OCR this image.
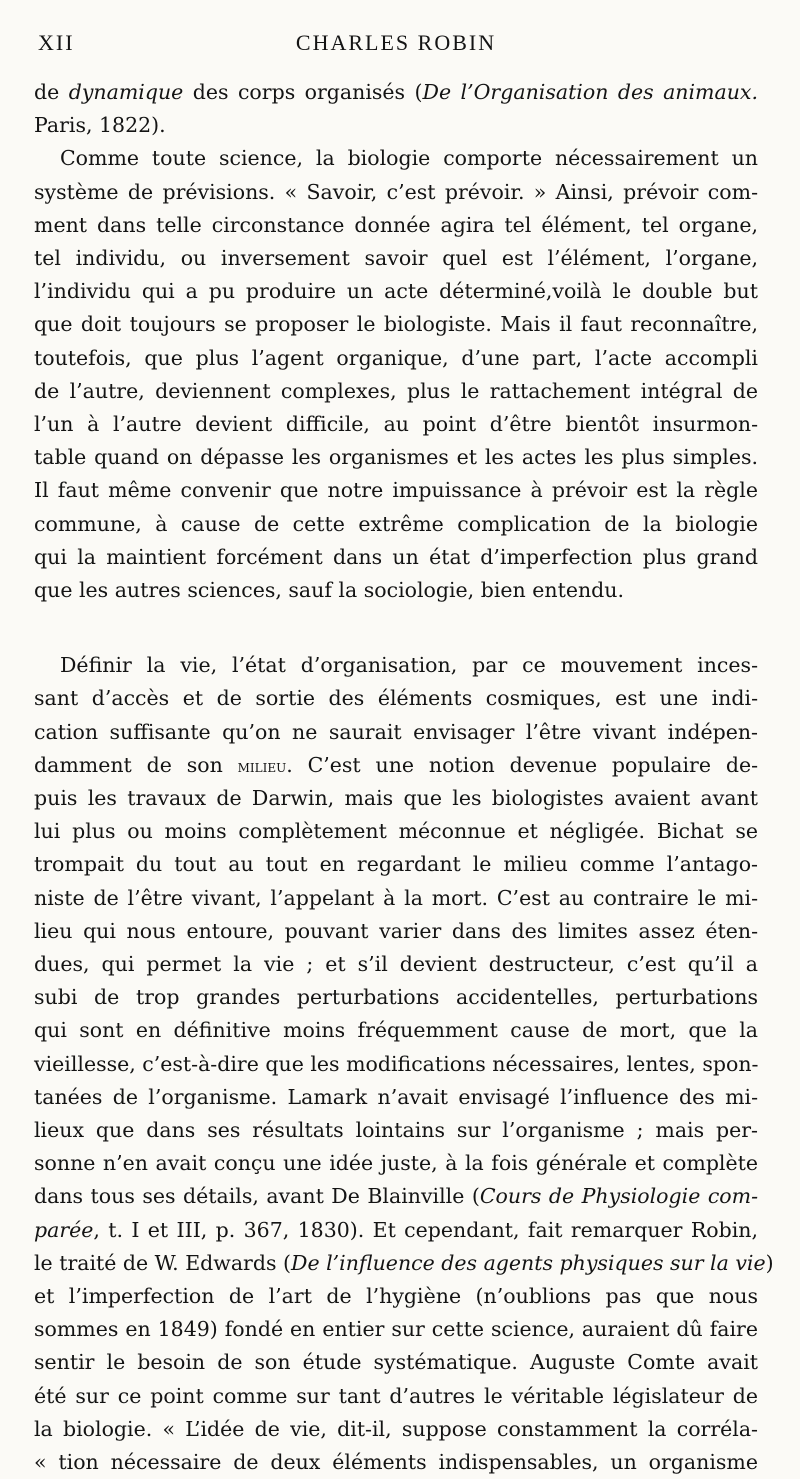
XII	CHARLES ROBIN
de dynamique des corps organisés (De l’Organisation des animaux.
Paris, 1822).
Comme toute science, la biologie comporte nécessairement un
système de prévisions. « Savoir, c’est prévoir. » Ainsi, prévoir com-
ment dans telle circonstance donnée agira tel élément, tel organe,
tel individu, ou inversement savoir quel est l’élément, l’organe,
l’individu qui a pu produire un acte déterminé,voilà le double but
que doit toujours se proposer le biologiste. Mais il faut reconnaître,
toutefois, que plus l’agent organique, d’une part, l’acte accompli
de l’autre, deviennent complexes, plus le rattachement intégral de
l’un à l’autre devient difficile, au point d’être bientôt insurmon-
table quand on dépasse les organismes et les actes les plus simples.
Il faut même convenir que notre impuissance à prévoir est la règle
commune, à cause de cette extrême complication de la biologie
qui la maintient forcément dans un état d’imperfection plus grand
que les autres sciences, sauf la sociologie, bien entendu.
Définir la vie, l’état d’organisation, par ce mouvement inces-
sant d’accès et de sortie des éléments cosmiques, est une indi-
cation suffisante qu’on ne saurait envisager l’être vivant indépen-
damment de son milieu. C’est une notion devenue populaire de-
puis les travaux de Darwin, mais que les biologistes avaient avant
lui plus ou moins complètement méconnue et négligée. Bichat se
trompait du tout au tout en regardant le milieu comme l’antago-
niste de l’être vivant, l’appelant à la mort. C’est au contraire le mi-
lieu qui nous entoure, pouvant varier dans des limites assez éten-
dues, qui permet la vie ; et s’il devient destructeur, c’est qu’il a
subi de trop grandes perturbations accidentelles, perturbations
qui sont en définitive moins fréquemment cause de mort, que la
vieillesse, c’est-à-dire que les modifications nécessaires, lentes, spon-
tanées de l’organisme. Lamark n’avait envisagé l’influence des mi-
lieux que dans ses résultats lointains sur l’organisme ; mais per-
sonne n’en avait conçu une idée juste, à la fois générale et complète
dans tous ses détails, avant De Blainville (Cours de Physiologie com-
parée, t. I et III, p. 367, 1830). Et cependant, fait remarquer Robin,
le traité de W. Edwards (De l’influence des agents physiques sur la vie)
et l’imperfection de l’art de l’hygiène (n’oublions pas que nous
sommes en 1849) fondé en entier sur cette science, auraient dû faire
sentir le besoin de son étude systématique. Auguste Comte avait
été sur ce point comme sur tant d’autres le véritable législateur de
la biologie. « L’idée de vie, dit-il, suppose constamment la corréla-
« tion nécessaire de deux éléments indispensables, un organisme
